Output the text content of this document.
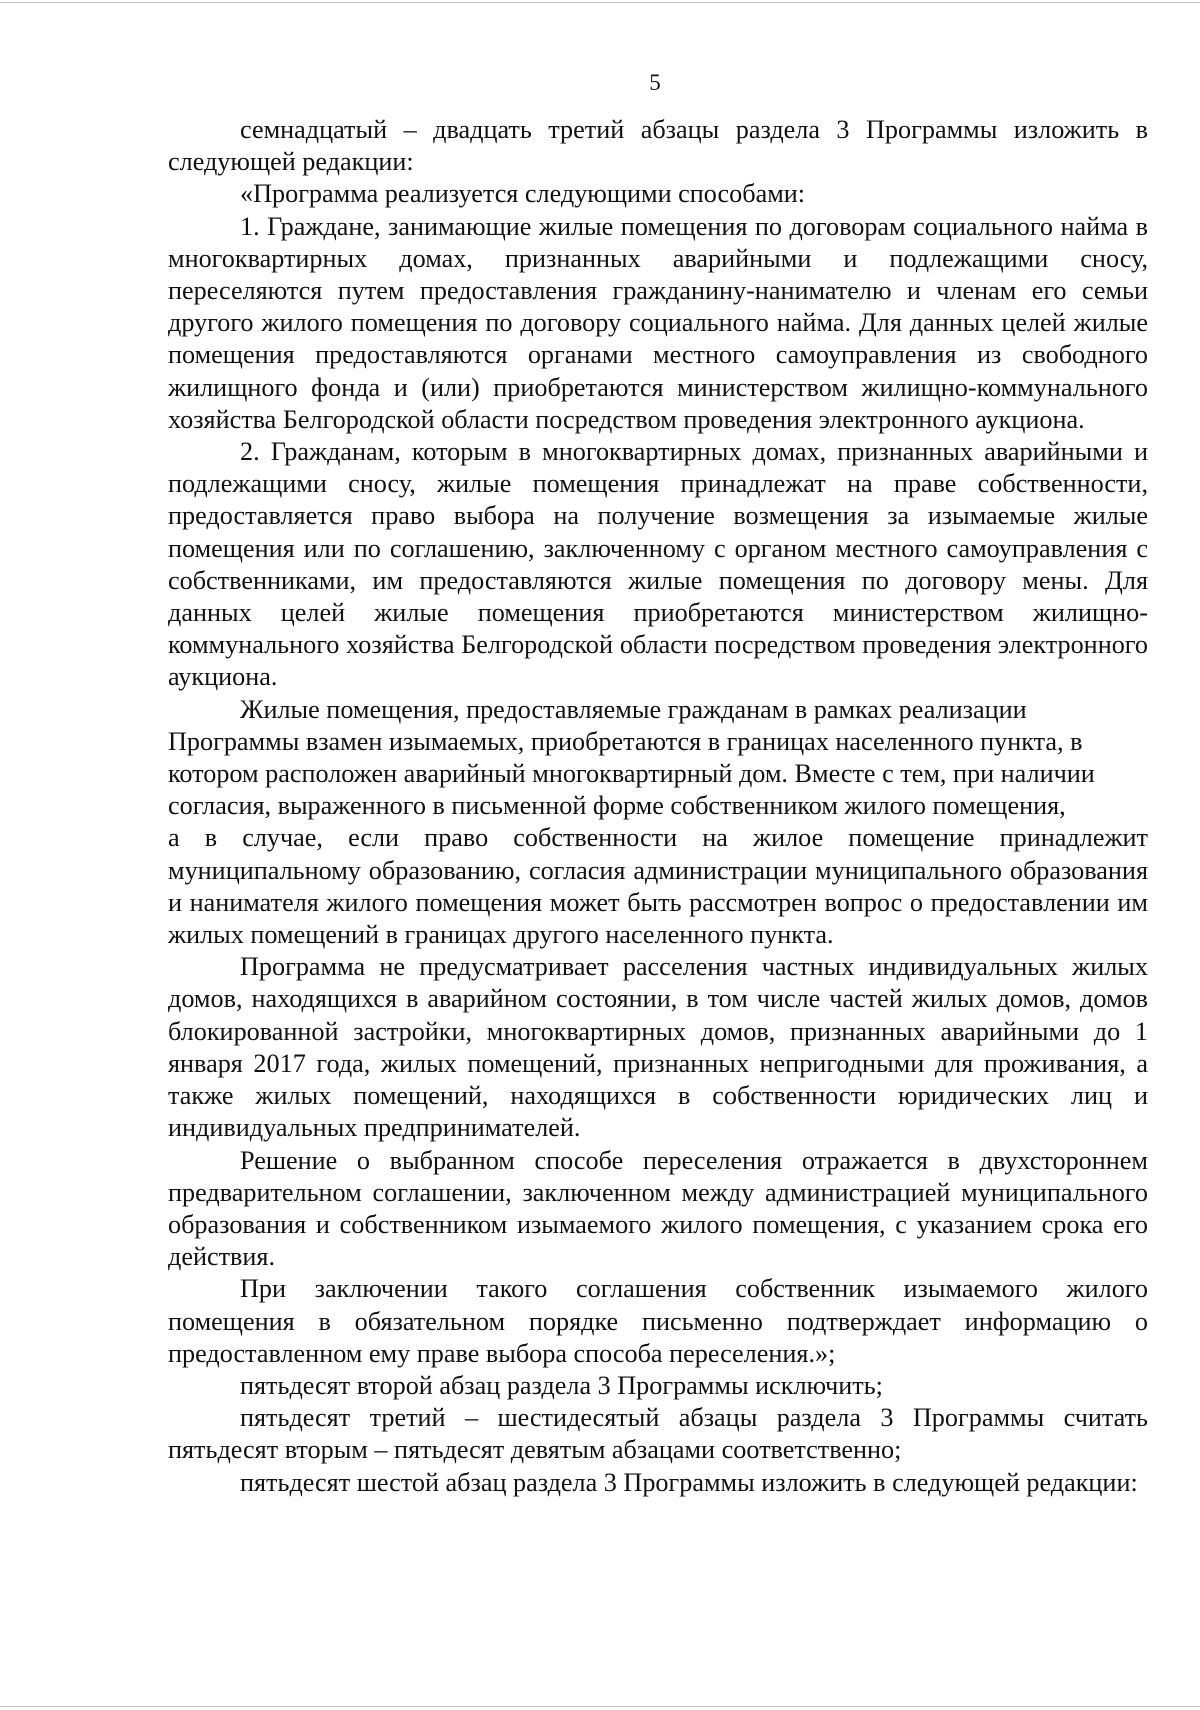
5

семнадцатый – двадцать третий абзацы раздела 3 Программы изложить в следующей редакции:

«Программа реализуется следующими способами:

1. Граждане, занимающие жилые помещения по договорам социального найма в многоквартирных домах, признанных аварийными и подлежащими сносу, переселяются путем предоставления гражданину-нанимателю и членам его семьи другого жилого помещения по договору социального найма. Для данных целей жилые помещения предоставляются органами местного самоуправления из свободного жилищного фонда и (или) приобретаются министерством жилищно-коммунального хозяйства Белгородской области посредством проведения электронного аукциона.

2. Гражданам, которым в многоквартирных домах, признанных аварийными и подлежащими сносу, жилые помещения принадлежат на праве собственности, предоставляется право выбора на получение возмещения за изымаемые жилые помещения или по соглашению, заключенному с органом местного самоуправления с собственниками, им предоставляются жилые помещения по договору мены. Для данных целей жилые помещения приобретаются министерством жилищно-коммунального хозяйства Белгородской области посредством проведения электронного аукциона.

Жилые помещения, предоставляемые гражданам в рамках реализации Программы взамен изымаемых, приобретаются в границах населенного пункта, в котором расположен аварийный многоквартирный дом. Вместе с тем, при наличии согласия, выраженного в письменной форме собственником жилого помещения,

а в случае, если право собственности на жилое помещение принадлежит муниципальному образованию, согласия администрации муниципального образования и нанимателя жилого помещения может быть рассмотрен вопрос о предоставлении им жилых помещений в границах другого населенного пункта.

Программа не предусматривает расселения частных индивидуальных жилых домов, находящихся в аварийном состоянии, в том числе частей жилых домов, домов блокированной застройки, многоквартирных домов, признанных аварийными до 1 января 2017 года, жилых помещений, признанных непригодными для проживания, а также жилых помещений, находящихся в собственности юридических лиц и индивидуальных предпринимателей.

Решение о выбранном способе переселения отражается в двухстороннем предварительном соглашении, заключенном между администрацией муниципального образования и собственником изымаемого жилого помещения, с указанием срока его действия.

При заключении такого соглашения собственник изымаемого жилого помещения в обязательном порядке письменно подтверждает информацию о предоставленном ему праве выбора способа переселения.»;

пятьдесят второй абзац раздела 3 Программы исключить;

пятьдесят третий – шестидесятый абзацы раздела 3 Программы считать пятьдесят вторым – пятьдесят девятым абзацами соответственно;

пятьдесят шестой абзац раздела 3 Программы изложить в следующей редакции:
